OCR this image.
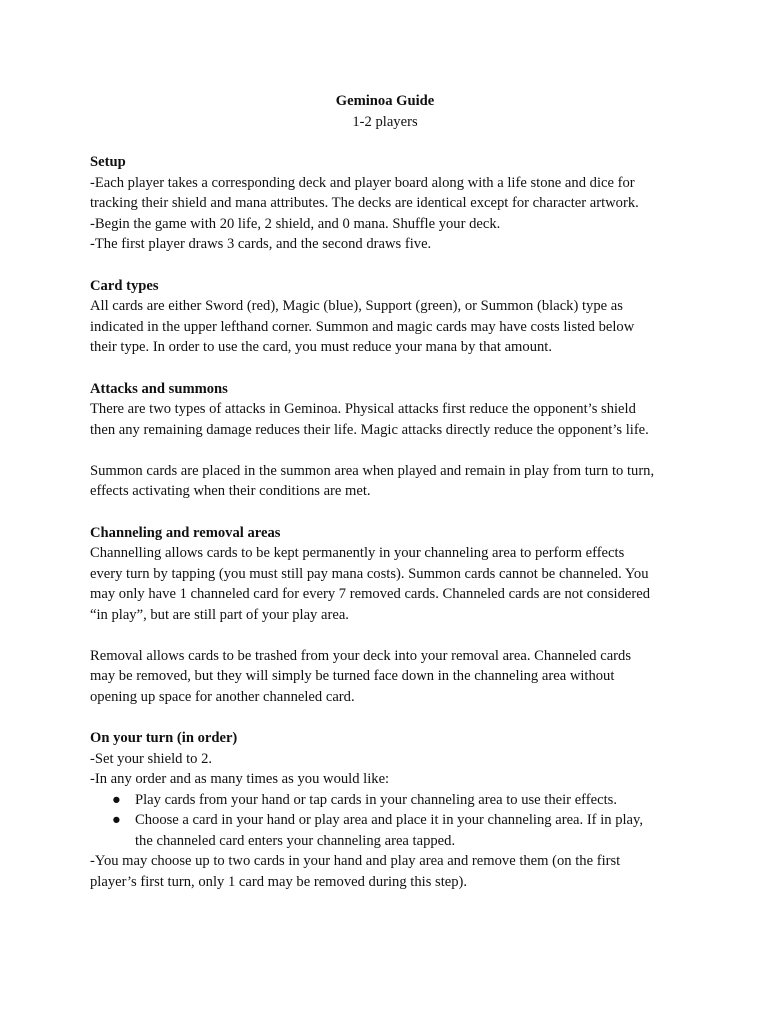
Geminoa Guide

1-2 players

Setup

-Each player takes a corresponding deck and player board along with a life stone and dice for

tracking their shield and mana attributes. The decks are identical except for character artwork.

-Begin the game with 20 life, 2 shield, and 0 mana. Shuffle your deck.

-The first player draws 3 cards, and the second draws five.

Card types

All cards are either Sword (red), Magic (blue), Support (green), or Summon (black) type as

indicated in the upper lefthand corner. Summon and magic cards may have costs listed below

their type. In order to use the card, you must reduce your mana by that amount.

Attacks and summons

There are two types of attacks in Geminoa. Physical attacks first reduce the opponent’s shield

then any remaining damage reduces their life. Magic attacks directly reduce the opponent’s life.

Summon cards are placed in the summon area when played and remain in play from turn to turn,

effects activating when their conditions are met.

Channeling and removal areas

Channelling allows cards to be kept permanently in your channeling area to perform effects

every turn by tapping (you must still pay mana costs). Summon cards cannot be channeled. You

may only have 1 channeled card for every 7 removed cards. Channeled cards are not considered

“in play”, but are still part of your play area.

Removal allows cards to be trashed from your deck into your removal area. Channeled cards

may be removed, but they will simply be turned face down in the channeling area without

opening up space for another channeled card.

On your turn (in order)

-Set your shield to 2.

-In any order and as many times as you would like:

● Play cards from your hand or tap cards in your channeling area to use their effects.

● Choose a card in your hand or play area and place it in your channeling area. If in play,

the channeled card enters your channeling area tapped.

-You may choose up to two cards in your hand and play area and remove them (on the first

player’s first turn, only 1 card may be removed during this step).
